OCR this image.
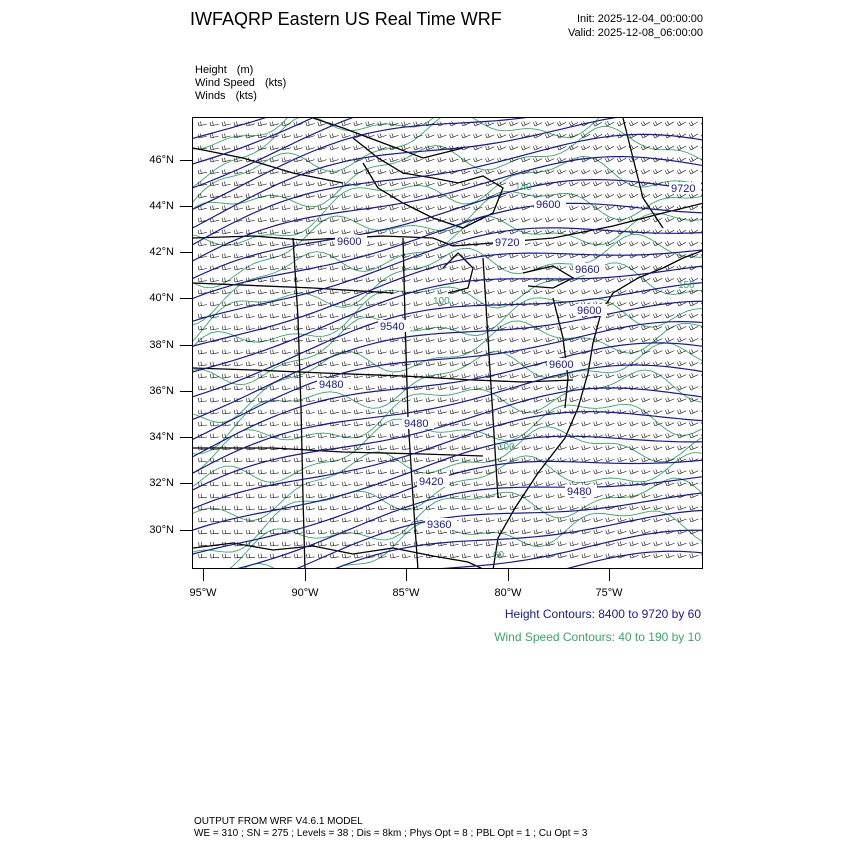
IWFAQRP Eastern US Real Time WRF	Init: 2025-12-04_00:00:00
Valid: 2025-12-08_06:00:00
Height (m)
Wind Speed (kts)
Winds (kts)
9720
9600
9720
9660
9600
9600
9540
9600
9480
9480
9420
9480
9360
140
150
100
100
60
46°N
44°N
42°N
40°N
38°N
36°N
34°N
32°N
30°N
95°W	90°W	85°W	80°W	75°W
Height Contours: 8400 to 9720 by 60
Wind Speed Contours: 40 to 190 by 10
OUTPUT FROM WRF V4.6.1 MODEL
WE = 310 ; SN = 275 ; Levels = 38 ; Dis = 8km ; Phys Opt = 8 ; PBL Opt = 1 ; Cu Opt = 3
